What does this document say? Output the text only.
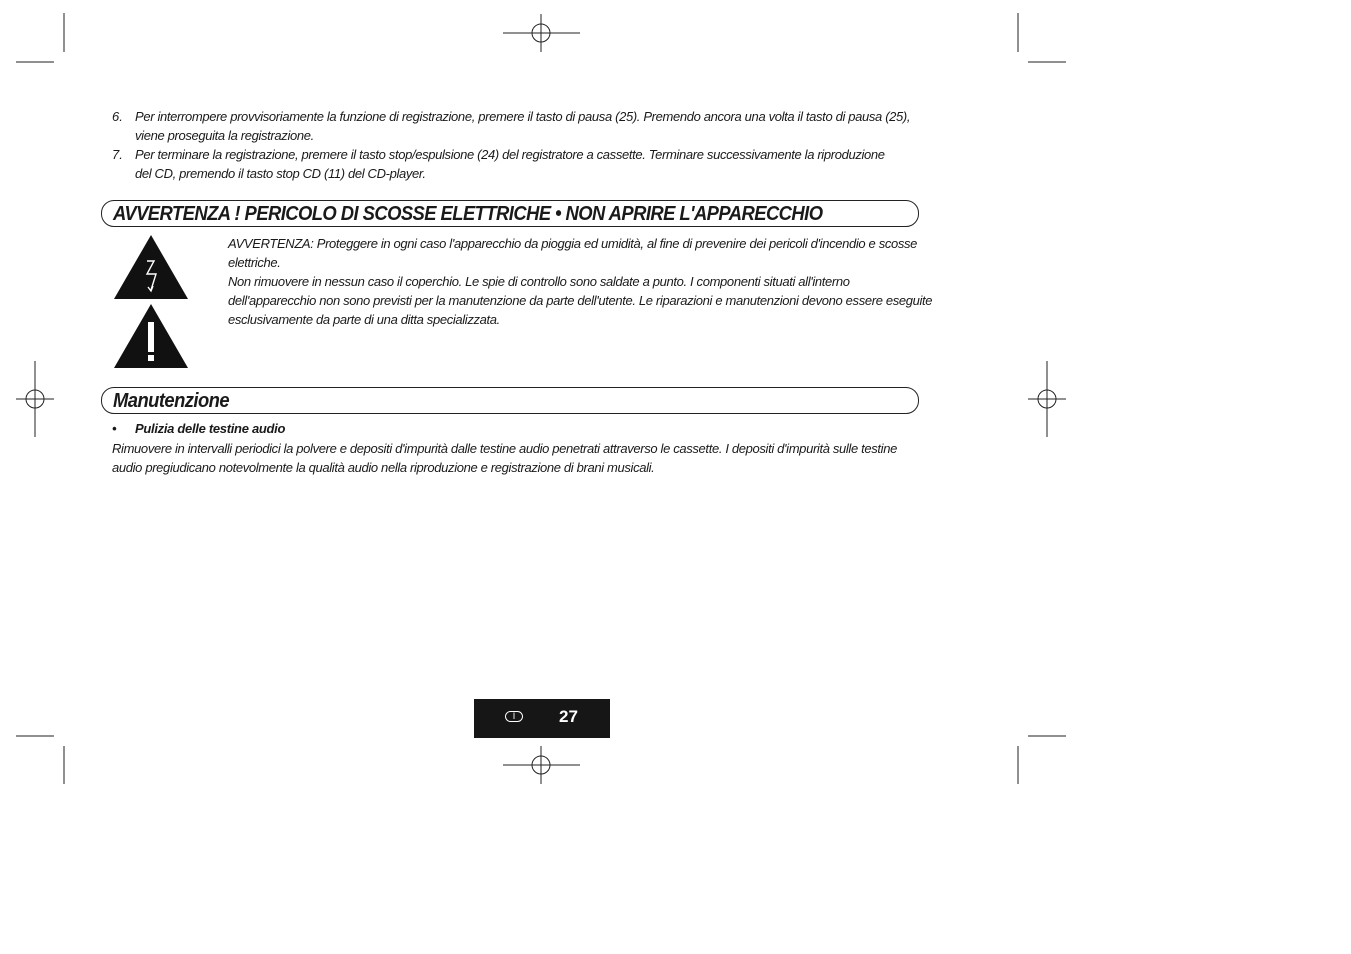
6. Per interrompere provvisoriamente la funzione di registrazione, premere il tasto di pausa (25). Premendo ancora una volta il tasto di pausa (25),
viene proseguita la registrazione.
7. Per terminare la registrazione, premere il tasto stop/espulsione (24) del registratore a cassette. Terminare successivamente la riproduzione
del CD, premendo il tasto stop CD (11) del CD-player.
AVVERTENZA ! PERICOLO DI SCOSSE ELETTRICHE • NON APRIRE L'APPARECCHIO
AVVERTENZA: Proteggere in ogni caso l'apparecchio da pioggia ed umidità, al fine di prevenire dei pericoli d'incendio e scosse
elettriche.
Non rimuovere in nessun caso il coperchio. Le spie di controllo sono saldate a punto. I componenti situati all'interno
dell'apparecchio non sono previsti per la manutenzione da parte dell'utente. Le riparazioni e manutenzioni devono essere eseguite
esclusivamente da parte di una ditta specializzata.
Manutenzione
• Pulizia delle testine audio
Rimuovere in intervalli periodici la polvere e depositi d'impurità dalle testine audio penetrati attraverso le cassette. I depositi d'impurità sulle testine
audio pregiudicano notevolmente la qualità audio nella riproduzione e registrazione di brani musicali.
I	27
